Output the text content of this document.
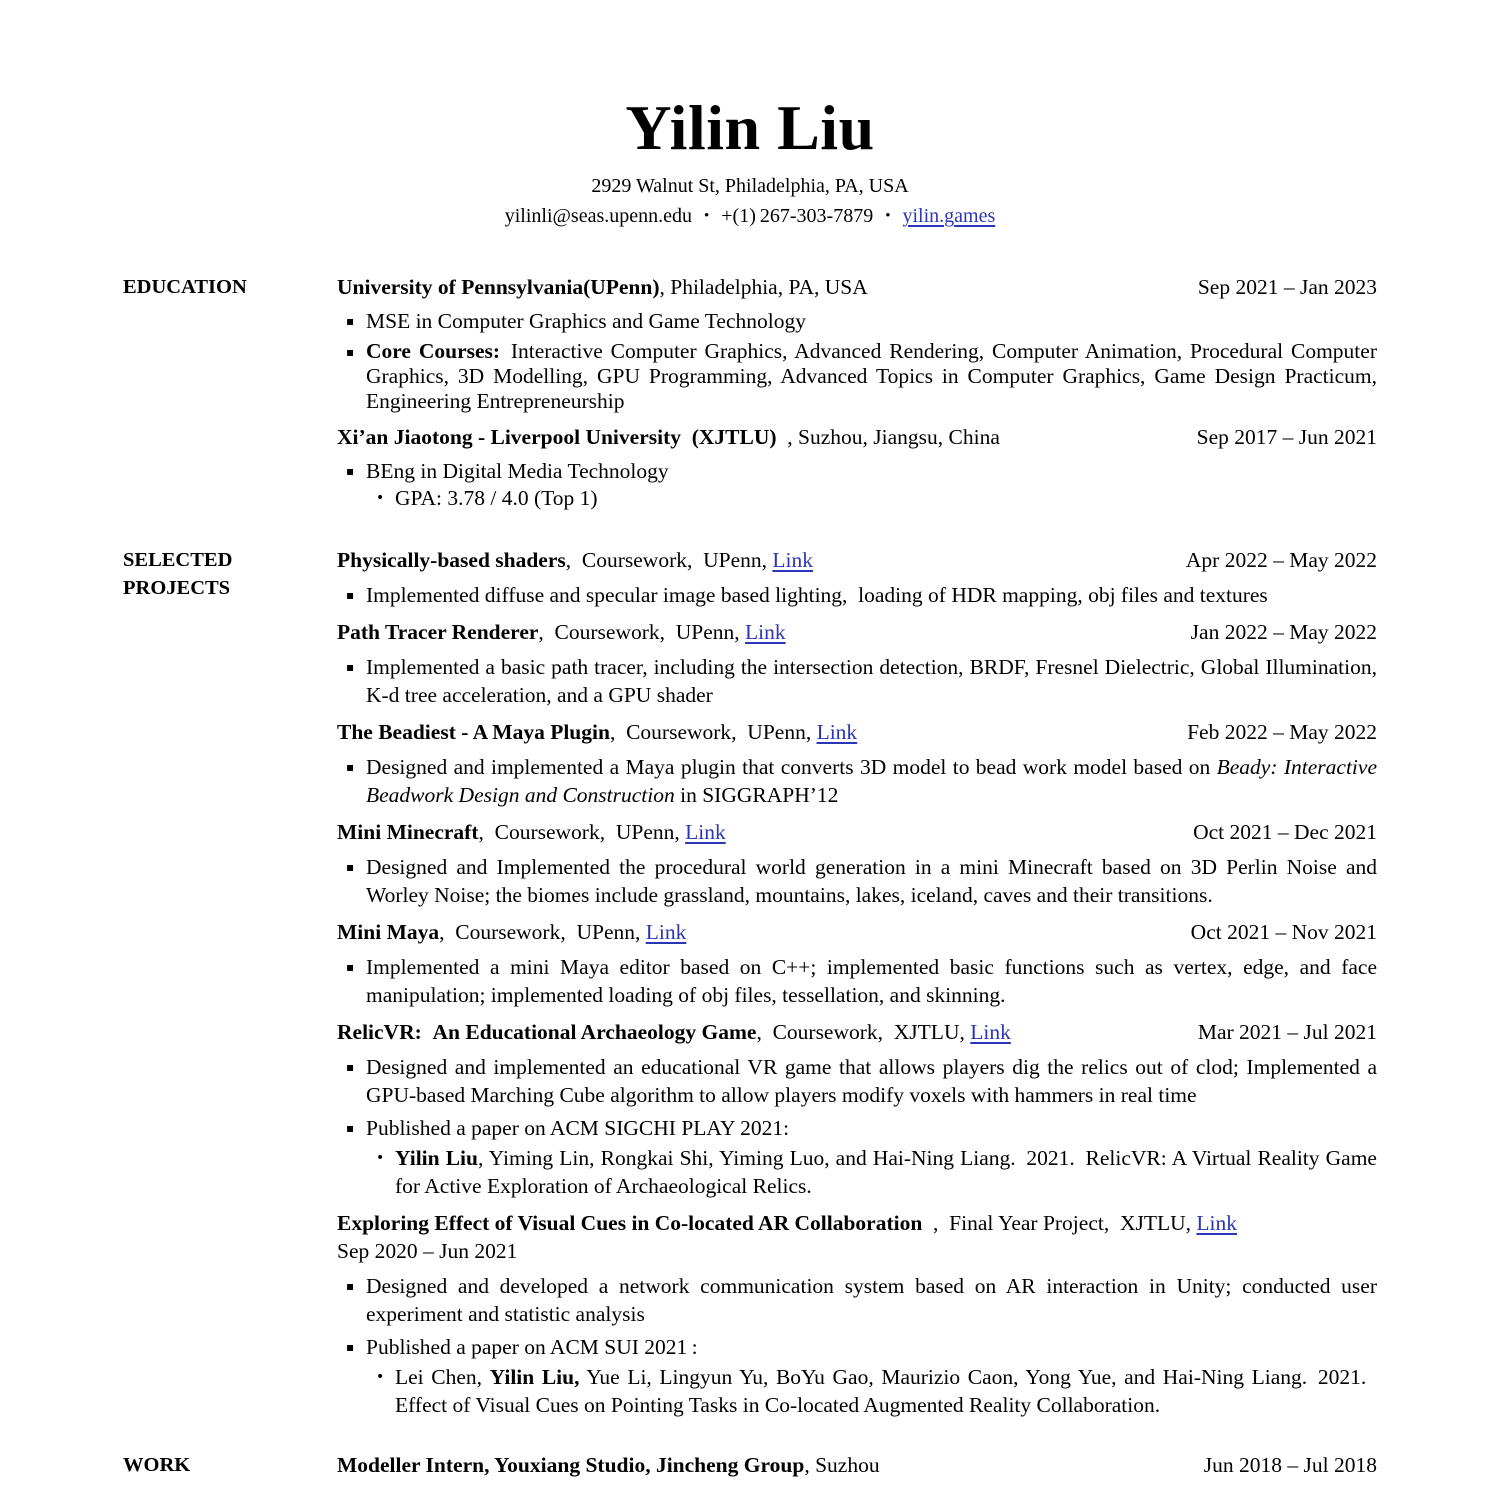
Yilin Liu
2929 Walnut St, Philadelphia, PA, USA
yilinli@seas.upenn.edu • +(1) 267-303-7879 • yilin.games
EDUCATION	University of Pennsylvania(UPenn), Philadelphia, PA, USA	Sep 2021 – Jan 2023
▪ MSE in Computer Graphics and Game Technology
▪ Core Courses: Interactive Computer Graphics, Advanced Rendering, Computer Animation, Procedural Computer Graphics, 3D Modelling, GPU Programming, Advanced Topics in Computer Graphics, Game Design Practicum, Engineering Entrepreneurship
Xi’an Jiaotong - Liverpool University (XJTLU) , Suzhou, Jiangsu, China	Sep 2017 – Jun 2021
▪ BEng in Digital Media Technology
• GPA: 3.78 / 4.0 (Top 1)
SELECTED
PROJECTS
Physically-based shaders, Coursework, UPenn, Link	Apr 2022 – May 2022
▪ Implemented diffuse and specular image based lighting, loading of HDR mapping, obj files and textures
Path Tracer Renderer, Coursework, UPenn, Link	Jan 2022 – May 2022
▪ Implemented a basic path tracer, including the intersection detection, BRDF, Fresnel Dielectric, Global Illumination, K-d tree acceleration, and a GPU shader
The Beadiest - A Maya Plugin, Coursework, UPenn, Link	Feb 2022 – May 2022
▪ Designed and implemented a Maya plugin that converts 3D model to bead work model based on Beady: Interactive Beadwork Design and Construction in SIGGRAPH’12
Mini Minecraft, Coursework, UPenn, Link	Oct 2021 – Dec 2021
▪ Designed and Implemented the procedural world generation in a mini Minecraft based on 3D Perlin Noise and Worley Noise; the biomes include grassland, mountains, lakes, iceland, caves and their transitions.
Mini Maya, Coursework, UPenn, Link	Oct 2021 – Nov 2021
▪ Implemented a mini Maya editor based on C++; implemented basic functions such as vertex, edge, and face manipulation; implemented loading of obj files, tessellation, and skinning.
RelicVR: An Educational Archaeology Game, Coursework, XJTLU, Link	Mar 2021 – Jul 2021
▪ Designed and implemented an educational VR game that allows players dig the relics out of clod; Implemented a GPU-based Marching Cube algorithm to allow players modify voxels with hammers in real time
▪ Published a paper on ACM SIGCHI PLAY 2021:
• Yilin Liu, Yiming Lin, Rongkai Shi, Yiming Luo, and Hai-Ning Liang. 2021. RelicVR: A Virtual Reality Game for Active Exploration of Archaeological Relics.
Exploring Effect of Visual Cues in Co-located AR Collaboration , Final Year Project, XJTLU, Link
Sep 2020 – Jun 2021
▪ Designed and developed a network communication system based on AR interaction in Unity; conducted user experiment and statistic analysis
▪ Published a paper on ACM SUI 2021 :
• Lei Chen, Yilin Liu, Yue Li, Lingyun Yu, BoYu Gao, Maurizio Caon, Yong Yue, and Hai-Ning Liang. 2021. Effect of Visual Cues on Pointing Tasks in Co-located Augmented Reality Collaboration.
WORK	Modeller Intern, Youxiang Studio, Jincheng Group, Suzhou	Jun 2018 – Jul 2018
